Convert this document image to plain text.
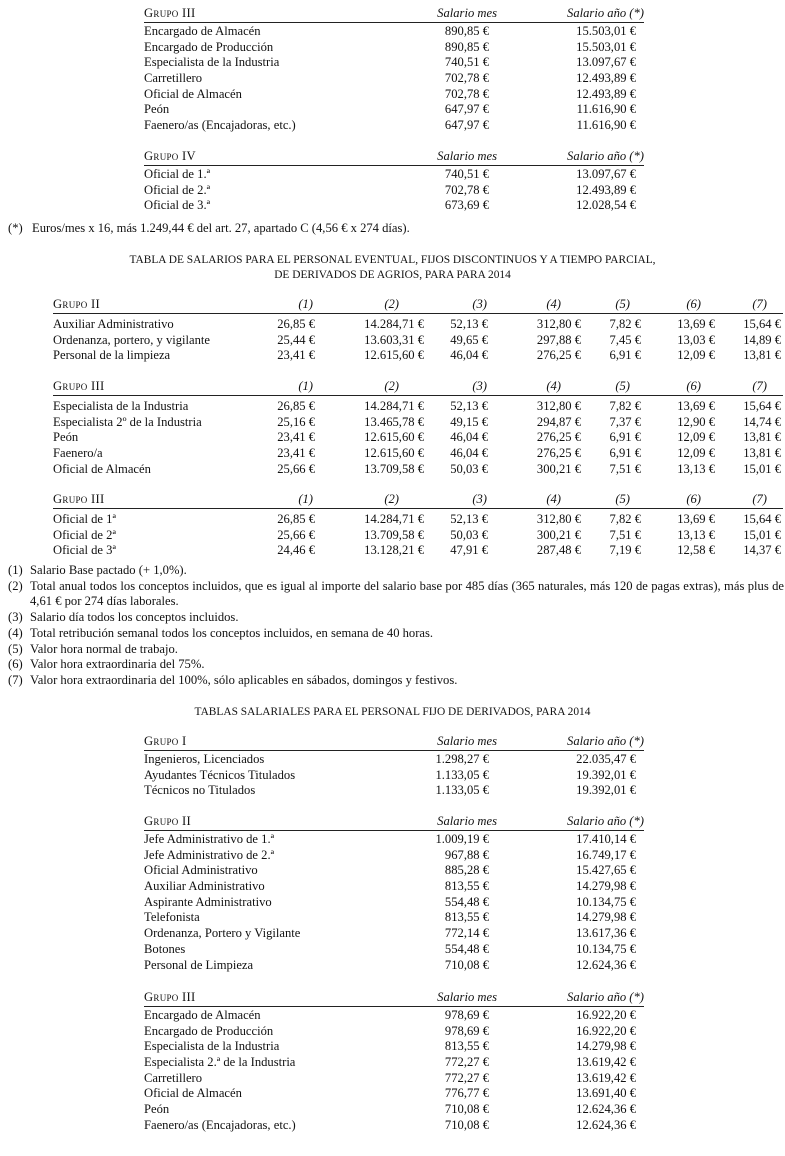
Grupo III	Salario mes	Salario año (*)
Encargado de Almacén	890,85 €	15.503,01 €
Encargado de Producción	890,85 €	15.503,01 €
Especialista de la Industria	740,51 €	13.097,67 €
Carretillero	702,78 €	12.493,89 €
Oficial de Almacén	702,78 €	12.493,89 €
Peón	647,97 €	11.616,90 €
Faenero/as (Encajadoras, etc.)	647,97 €	11.616,90 €
Grupo IV	Salario mes	Salario año (*)
Oficial de 1.ª	740,51 €	13.097,67 €
Oficial de 2.ª	702,78 €	12.493,89 €
Oficial de 3.ª	673,69 €	12.028,54 €
(*) Euros/mes x 16, más 1.249,44 € del art. 27, apartado C (4,56 € x 274 días).
TABLA DE SALARIOS PARA EL PERSONAL EVENTUAL, FIJOS DISCONTINUOS Y A TIEMPO PARCIAL,
DE DERIVADOS DE AGRIOS, PARA PARA 2014
Grupo II	(1)	(2)	(3)	(4)	(5)	(6)	(7)
Auxiliar Administrativo	26,85 €	14.284,71 € 52,13 €	312,80 € 7,82 €	13,69 € 15,64 €
Ordenanza, portero, y vigilante	25,44 €	13.603,31 € 49,65 €	297,88 € 7,45 €	13,03 € 14,89 €
Personal de la limpieza	23,41 €	12.615,60 € 46,04 €	276,25 € 6,91 €	12,09 € 13,81 €
Grupo III	(1)	(2)	(3)	(4)	(5)	(6)	(7)
Especialista de la Industria	26,85 €	14.284,71 € 52,13 €	312,80 € 7,82 €	13,69 € 15,64 €
Especialista 2º de la Industria	25,16 €	13.465,78 € 49,15 €	294,87 € 7,37 €	12,90 € 14,74 €
Peón	23,41 €	12.615,60 € 46,04 €	276,25 € 6,91 €	12,09 € 13,81 €
Faenero/a	23,41 €	12.615,60 € 46,04 €	276,25 € 6,91 €	12,09 € 13,81 €
Oficial de Almacén	25,66 €	13.709,58 € 50,03 €	300,21 € 7,51 €	13,13 € 15,01 €
Grupo III	(1)	(2)	(3)	(4)	(5)	(6)	(7)
Oficial de 1ª	26,85 €	14.284,71 € 52,13 €	312,80 € 7,82 €	13,69 € 15,64 €
Oficial de 2ª	25,66 €	13.709,58 € 50,03 €	300,21 € 7,51 €	13,13 € 15,01 €
Oficial de 3ª	24,46 €	13.128,21 € 47,91 €	287,48 € 7,19 €	12,58 € 14,37 €
(1) Salario Base pactado (+ 1,0%).
(2) Total anual todos los conceptos incluidos, que es igual al importe del salario base por 485 días (365 naturales, más 120 de pagas extras), más plus de 4,61 € por 274 días laborales.
(3) Salario día todos los conceptos incluidos.
(4) Total retribución semanal todos los conceptos incluidos, en semana de 40 horas.
(5) Valor hora normal de trabajo.
(6) Valor hora extraordinaria del 75%.
(7) Valor hora extraordinaria del 100%, sólo aplicables en sábados, domingos y festivos.
TABLAS SALARIALES PARA EL PERSONAL FIJO DE DERIVADOS, PARA 2014
Grupo I	Salario mes	Salario año (*)
Ingenieros, Licenciados	1.298,27 €	22.035,47 €
Ayudantes Técnicos Titulados	1.133,05 €	19.392,01 €
Técnicos no Titulados	1.133,05 €	19.392,01 €
Grupo II	Salario mes	Salario año (*)
Jefe Administrativo de 1.ª	1.009,19 €	17.410,14 €
Jefe Administrativo de 2.ª	967,88 €	16.749,17 €
Oficial Administrativo	885,28 €	15.427,65 €
Auxiliar Administrativo	813,55 €	14.279,98 €
Aspirante Administrativo	554,48 €	10.134,75 €
Telefonista	813,55 €	14.279,98 €
Ordenanza, Portero y Vigilante	772,14 €	13.617,36 €
Botones	554,48 €	10.134,75 €
Personal de Limpieza	710,08 €	12.624,36 €
Grupo III	Salario mes	Salario año (*)
Encargado de Almacén	978,69 €	16.922,20 €
Encargado de Producción	978,69 €	16.922,20 €
Especialista de la Industria	813,55 €	14.279,98 €
Especialista 2.ª de la Industria	772,27 €	13.619,42 €
Carretillero	772,27 €	13.619,42 €
Oficial de Almacén	776,77 €	13.691,40 €
Peón	710,08 €	12.624,36 €
Faenero/as (Encajadoras, etc.)	710,08 €	12.624,36 €
